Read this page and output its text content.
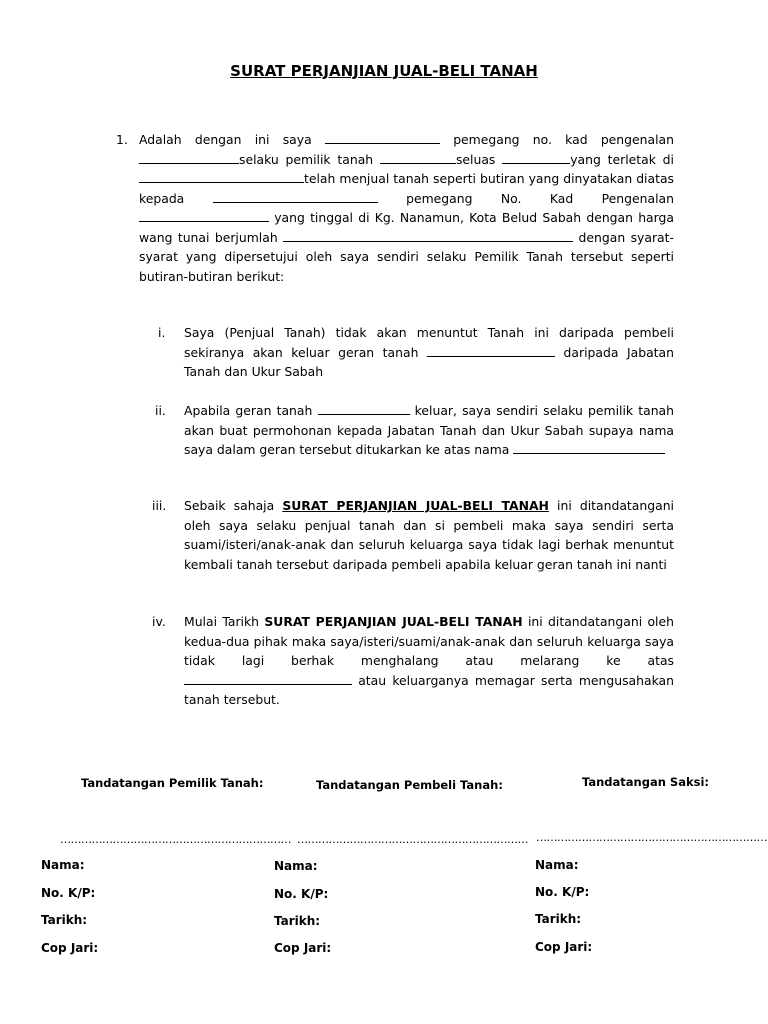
SURAT PERJANJIAN JUAL-BELI TANAH
1. Adalah dengan ini saya	pemegang no. kad pengenalan selaku pemilik tanah	seluas	yang terletak di telah menjual tanah seperti butiran yang dinyatakan diatas kepada	pemegang No. Kad Pengenalan  yang tinggal di Kg. Nanamun, Kota Belud Sabah dengan harga wang tunai berjumlah	dengan syarat-syarat yang dipersetujui oleh saya sendiri selaku Pemilik Tanah tersebut seperti butiran-butiran berikut:
i. Saya (Penjual Tanah) tidak akan menuntut Tanah ini daripada pembeli sekiranya akan keluar geran tanah	daripada Jabatan Tanah dan Ukur Sabah
ii. Apabila geran tanah	keluar, saya sendiri selaku pemilik tanah akan buat permohonan kepada Jabatan Tanah dan Ukur Sabah supaya nama saya dalam geran tersebut ditukarkan ke atas nama
iii. Sebaik sahaja SURAT PERJANJIAN JUAL-BELI TANAH ini ditandatangani oleh saya selaku penjual tanah dan si pembeli maka saya sendiri serta suami/isteri/anak-anak dan seluruh keluarga saya tidak lagi berhak menuntut kembali tanah tersebut daripada pembeli apabila keluar geran tanah ini nanti
iv. Mulai Tarikh SURAT PERJANJIAN JUAL-BELI TANAH ini ditandatangani oleh kedua-dua pihak maka saya/isteri/suami/anak-anak dan seluruh keluarga saya tidak lagi berhak menghalang atau melarang ke atas  atau keluarganya memagar serta mengusahakan tanah tersebut.
Tandatangan Pemilik Tanah:
…………………………………………………………
Nama:
No. K/P:
Tarikh:
Cop Jari:
Tandatangan Pembeli Tanah:
…………………………………………………………
Nama:
No. K/P:
Tarikh:
Cop Jari:
Tandatangan Saksi:
…………………………………………………………
Nama:
No. K/P:
Tarikh:
Cop Jari:
